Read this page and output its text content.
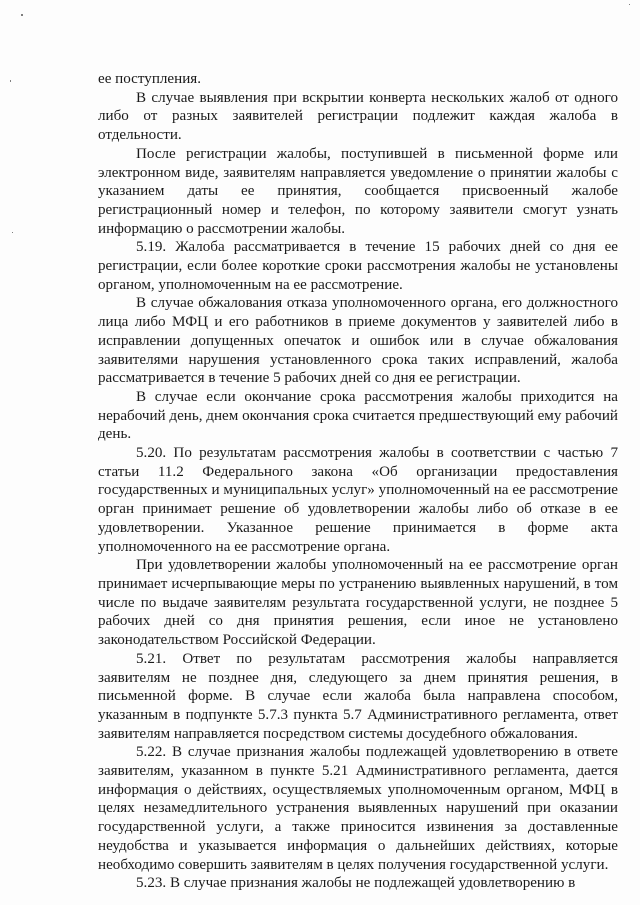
ее поступления.

В случае выявления при вскрытии конверта нескольких жалоб от одного либо от разных заявителей регистрации подлежит каждая жалоба в отдельности.

После регистрации жалобы, поступившей в письменной форме или электронном виде, заявителям направляется уведомление о принятии жалобы с указанием даты ее принятия, сообщается присвоенный жалобе регистрационный номер и телефон, по которому заявители смогут узнать информацию о рассмотрении жалобы.

5.19. Жалоба рассматривается в течение 15 рабочих дней со дня ее регистрации, если более короткие сроки рассмотрения жалобы не установлены органом, уполномоченным на ее рассмотрение.

В случае обжалования отказа уполномоченного органа, его должностного лица либо МФЦ и его работников в приеме документов у заявителей либо в исправлении допущенных опечаток и ошибок или в случае обжалования заявителями нарушения установленного срока таких исправлений, жалоба рассматривается в течение 5 рабочих дней со дня ее регистрации.

В случае если окончание срока рассмотрения жалобы приходится на нерабочий день, днем окончания срока считается предшествующий ему рабочий день.

5.20. По результатам рассмотрения жалобы в соответствии с частью 7 статьи 11.2 Федерального закона «Об организации предоставления государственных и муниципальных услуг» уполномоченный на ее рассмотрение орган принимает решение об удовлетворении жалобы либо об отказе в ее удовлетворении. Указанное решение принимается в форме акта уполномоченного на ее рассмотрение органа.

При удовлетворении жалобы уполномоченный на ее рассмотрение орган принимает исчерпывающие меры по устранению выявленных нарушений, в том числе по выдаче заявителям результата государственной услуги, не позднее 5 рабочих дней со дня принятия решения, если иное не установлено законодательством Российской Федерации.

5.21. Ответ по результатам рассмотрения жалобы направляется заявителям не позднее дня, следующего за днем принятия решения, в письменной форме. В случае если жалоба была направлена способом, указанным в подпункте 5.7.3 пункта 5.7 Административного регламента, ответ заявителям направляется посредством системы досудебного обжалования.

5.22. В случае признания жалобы подлежащей удовлетворению в ответе заявителям, указанном в пункте 5.21 Административного регламента, дается информация о действиях, осуществляемых уполномоченным органом, МФЦ в целях незамедлительного устранения выявленных нарушений при оказании государственной услуги, а также приносится извинения за доставленные неудобства и указывается информация о дальнейших действиях, которые необходимо совершить заявителям в целях получения государственной услуги.

5.23. В случае признания жалобы не подлежащей удовлетворению в
